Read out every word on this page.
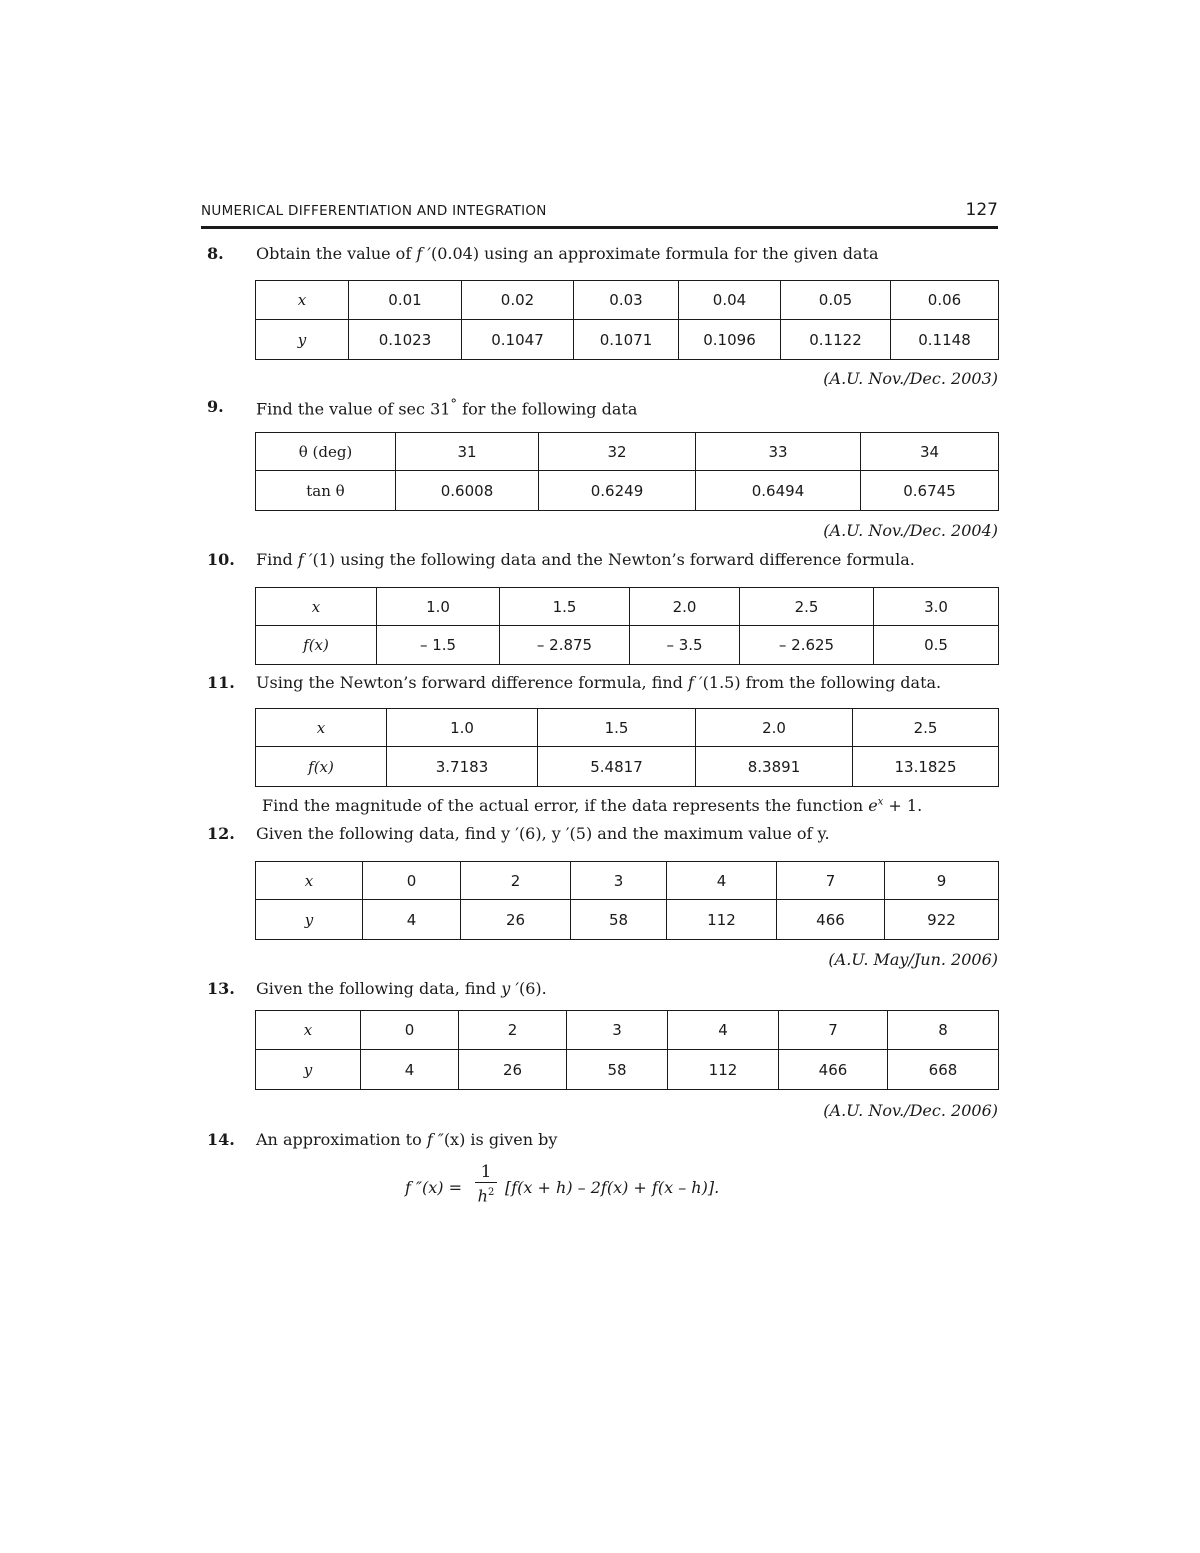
NUMERICAL DIFFERENTIATION AND INTEGRATION	127
8. Obtain the value of f ′(0.04) using an approximate formula for the given data
x	0.01	0.02	0.03	0.04	0.05	0.06
y	0.1023	0.1047	0.1071	0.1096	0.1122	0.1148
(A.U. Nov./Dec. 2003)
9. Find the value of sec 31° for the following data
θ (deg)	31	32	33	34
tan θ	0.6008	0.6249	0.6494	0.6745
(A.U. Nov./Dec. 2004)
10. Find f ′(1) using the following data and the Newton’s forward difference formula.
x	1.0	1.5	2.0	2.5	3.0
f(x)	– 1.5	– 2.875	– 3.5	– 2.625	0.5
11. Using the Newton’s forward difference formula, find f ′(1.5) from the following data.
x	1.0	1.5	2.0	2.5
f(x)	3.7183	5.4817	8.3891	13.1825
Find the magnitude of the actual error, if the data represents the function $e^x + 1$.
12. Given the following data, find y ′(6), y ′(5) and the maximum value of y.
x	0	2	3	4	7	9
y	4	26	58	112	466	922
(A.U. May/Jun. 2006)
13. Given the following data, find y ′(6).
x	0	2	3	4	7	8
y	4	26	58	112	466	668
(A.U. Nov./Dec. 2006)
14. An approximation to f ″(x) is given by
f ″(x) =
1
$h^2$ [f(x + h) – 2f(x) + f(x – h)].
